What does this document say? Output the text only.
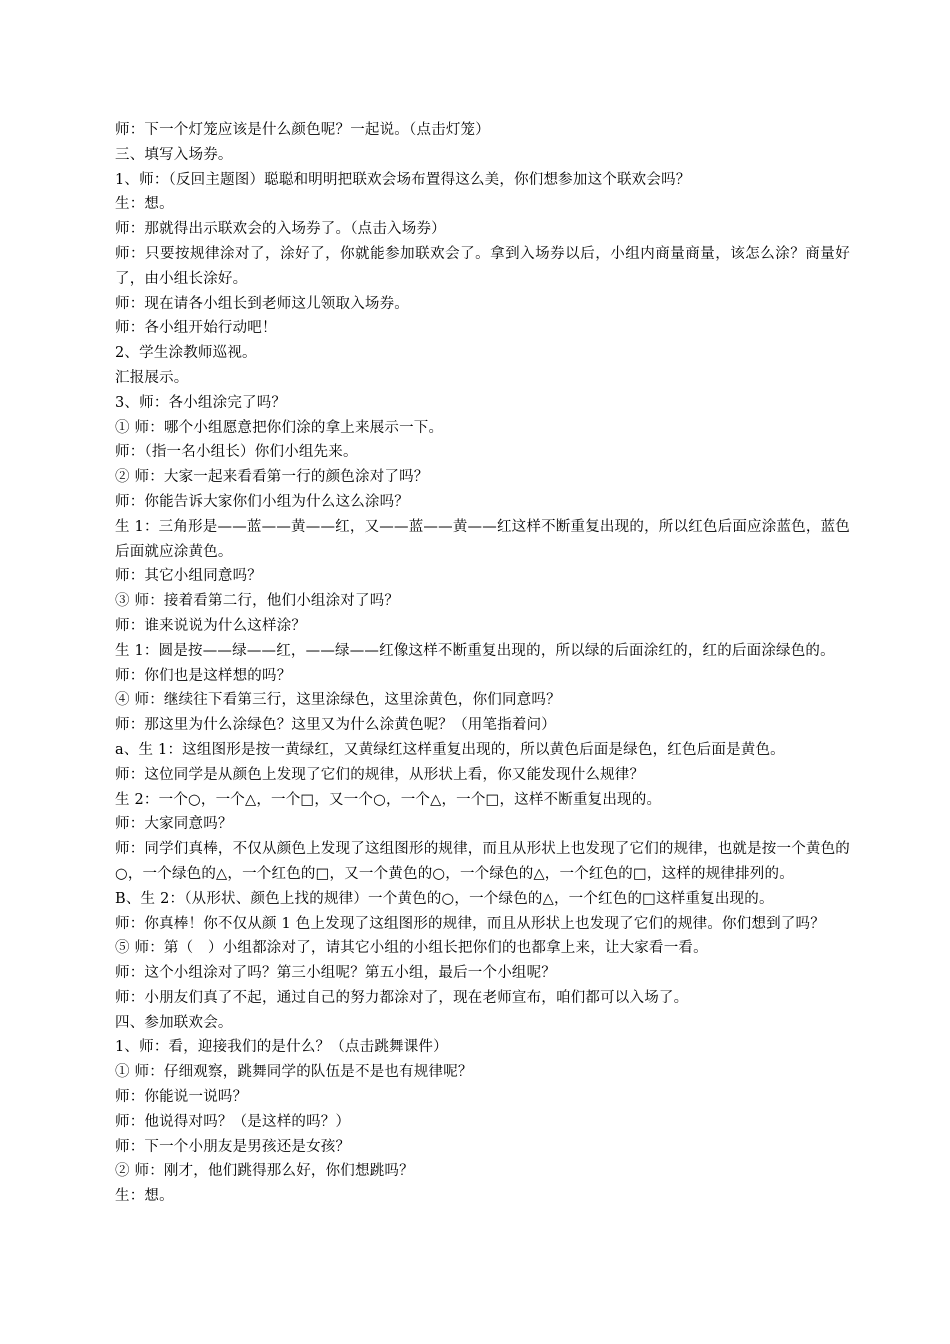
师：下一个灯笼应该是什么颜色呢？一起说。（点击灯笼）

三、填写入场券。

1、师：（反回主题图）聪聪和明明把联欢会场布置得这么美，你们想参加这个联欢会吗？

生：想。

师：那就得出示联欢会的入场券了。（点击入场券）

师：只要按规律涂对了，涂好了，你就能参加联欢会了。拿到入场券以后，小组内商量商量，该怎么涂？商量好了，由小组长涂好。

师：现在请各小组长到老师这儿领取入场券。

师：各小组开始行动吧！

2、学生涂教师巡视。

汇报展示。

3、师：各小组涂完了吗？

① 师：哪个小组愿意把你们涂的拿上来展示一下。

师：（指一名小组长）你们小组先来。

② 师：大家一起来看看第一行的颜色涂对了吗？

师：你能告诉大家你们小组为什么这么涂吗？

生 1：三角形是——蓝——黄——红，又——蓝——黄——红这样不断重复出现的，所以红色后面应涂蓝色，蓝色后面就应涂黄色。

师：其它小组同意吗？

③ 师：接着看第二行，他们小组涂对了吗？

师：谁来说说为什么这样涂？

生 1：圆是按——绿——红，——绿——红像这样不断重复出现的，所以绿的后面涂红的，红的后面涂绿色的。

师：你们也是这样想的吗？

④ 师：继续往下看第三行，这里涂绿色，这里涂黄色，你们同意吗？

师：那这里为什么涂绿色？这里又为什么涂黄色呢？（用笔指着问）

a、生 1：这组图形是按一黄绿红，又黄绿红这样重复出现的，所以黄色后面是绿色，红色后面是黄色。

师：这位同学是从颜色上发现了它们的规律，从形状上看，你又能发现什么规律？

生 2：一个○，一个△，一个□，又一个○，一个△，一个□，这样不断重复出现的。

师：大家同意吗？

师：同学们真棒，不仅从颜色上发现了这组图形的规律，而且从形状上也发现了它们的规律，也就是按一个黄色的○，一个绿色的△，一个红色的□，又一个黄色的○，一个绿色的△，一个红色的□，这样的规律排列的。

B、生 2：（从形状、颜色上找的规律）一个黄色的○，一个绿色的△，一个红色的□这样重复出现的。

师：你真棒！你不仅从颜 1 色上发现了这组图形的规律，而且从形状上也发现了它们的规律。你们想到了吗？

⑤ 师：第（　）小组都涂对了，请其它小组的小组长把你们的也都拿上来，让大家看一看。

师：这个小组涂对了吗？第三小组呢？第五小组，最后一个小组呢？

师：小朋友们真了不起，通过自己的努力都涂对了，现在老师宣布，咱们都可以入场了。

四、参加联欢会。

1、师：看，迎接我们的是什么？（点击跳舞课件）

① 师：仔细观察，跳舞同学的队伍是不是也有规律呢？

师：你能说一说吗？

师：他说得对吗？（是这样的吗？）

师：下一个小朋友是男孩还是女孩？

② 师：刚才，他们跳得那么好，你们想跳吗？

生：想。
